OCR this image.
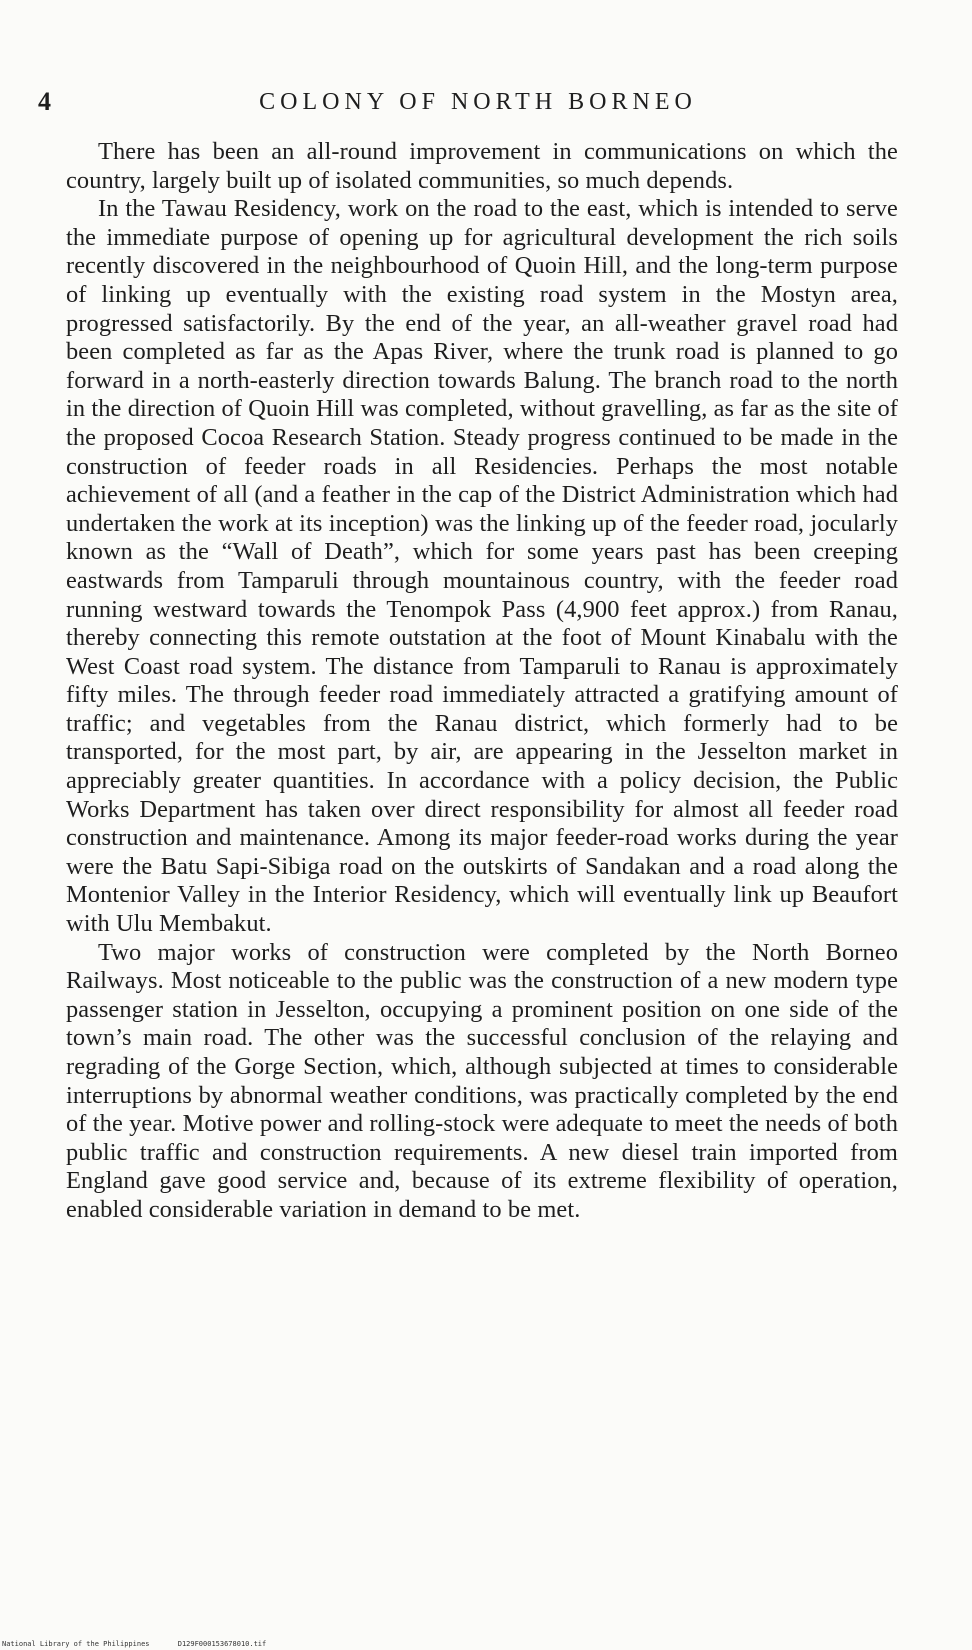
4	COLONY OF NORTH BORNEO

There has been an all-round improvement in communications on which the country, largely built up of isolated communities, so much depends.

In the Tawau Residency, work on the road to the east, which is intended to serve the immediate purpose of opening up for agricultural development the rich soils recently discovered in the neighbourhood of Quoin Hill, and the long-term purpose of linking up eventually with the existing road system in the Mostyn area, progressed satisfactorily. By the end of the year, an all-weather gravel road had been completed as far as the Apas River, where the trunk road is planned to go forward in a north-easterly direction towards Balung. The branch road to the north in the direction of Quoin Hill was completed, without gravelling, as far as the site of the proposed Cocoa Research Station. Steady progress continued to be made in the construction of feeder roads in all Residencies. Perhaps the most notable achievement of all (and a feather in the cap of the District Administration which had undertaken the work at its inception) was the linking up of the feeder road, jocularly known as the “Wall of Death”, which for some years past has been creeping eastwards from Tamparuli through mountainous country, with the feeder road running westward towards the Tenompok Pass (4,900 feet approx.) from Ranau, thereby connecting this remote outstation at the foot of Mount Kinabalu with the West Coast road system. The distance from Tamparuli to Ranau is approximately fifty miles. The through feeder road immediately attracted a gratifying amount of traffic; and vegetables from the Ranau district, which formerly had to be transported, for the most part, by air, are appearing in the Jesselton market in appreciably greater quantities. In accordance with a policy decision, the Public Works Department has taken over direct responsibility for almost all feeder road construction and maintenance. Among its major feeder-road works during the year were the Batu Sapi-Sibiga road on the outskirts of Sandakan and a road along the Montenior Valley in the Interior Residency, which will eventually link up Beaufort with Ulu Membakut.

Two major works of construction were completed by the North Borneo Railways. Most noticeable to the public was the construction of a new modern type passenger station in Jesselton, occupying a prominent position on one side of the town’s main road. The other was the successful conclusion of the relaying and regrading of the Gorge Section, which, although subjected at times to considerable interruptions by abnormal weather conditions, was practically completed by the end of the year. Motive power and rolling-stock were adequate to meet the needs of both public traffic and construction requirements. A new diesel train imported from England gave good service and, because of its extreme flexibility of operation, enabled considerable variation in demand to be met.

National Library of the Philippines	D129F000153678010.tif
